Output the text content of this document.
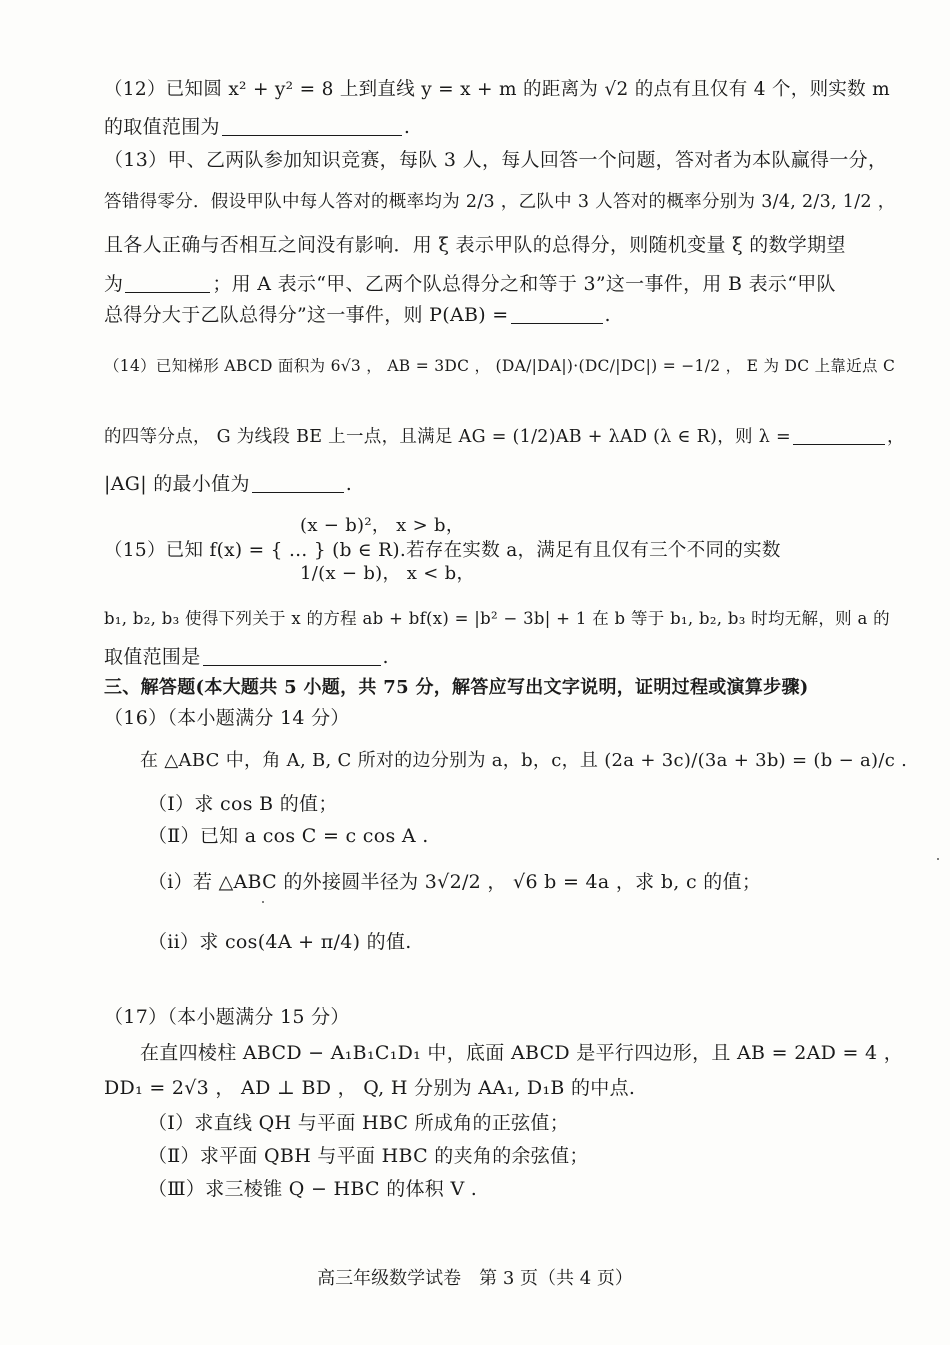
（12）已知圆 x² + y² = 8 上到直线 y = x + m 的距离为 √2 的点有且仅有 4 个，则实数 m
的取值范围为	.
（13）甲、乙两队参加知识竞赛，每队 3 人，每人回答一个问题，答对者为本队赢得一分，
答错得零分．假设甲队中每人答对的概率均为 2/3 ，乙队中 3 人答对的概率分别为 3/4, 2/3, 1/2 ，
且各人正确与否相互之间没有影响．用 ξ 表示甲队的总得分，则随机变量 ξ 的数学期望
为	；用 A 表示“甲、乙两个队总得分之和等于 3”这一事件，用 B 表示“甲队
总得分大于乙队总得分”这一事件，则 P(AB) =	.
（14）已知梯形 ABCD 面积为 6√3 ， AB = 3DC ， (DA/|DA|)·(DC/|DC|) = −1/2 ， E 为 DC 上靠近点 C
的四等分点， G 为线段 BE 上一点，且满足 AG = (1/2)AB + λAD (λ ∈ R)，则 λ =	，
|AG| 的最小值为	.
(x − b)²， x > b，
（15）已知 f(x) = { … } (b ∈ R).若存在实数 a，满足有且仅有三个不同的实数
1/(x − b)， x < b，
b₁, b₂, b₃ 使得下列关于 x 的方程 ab + bf(x) = |b² − 3b| + 1 在 b 等于 b₁, b₂, b₃ 时均无解，则 a 的
取值范围是	.
三、解答题(本大题共 5 小题，共 75 分，解答应写出文字说明，证明过程或演算步骤)
（16）（本小题满分 14 分）
在 △ABC 中，角 A, B, C 所对的边分别为 a，b，c，且 (2a + 3c)/(3a + 3b) = (b − a)/c .
（Ⅰ）求 cos B 的值；
（Ⅱ）已知 a cos C = c cos A .
（i）若 △ABC 的外接圆半径为 3√2/2 ， √6 b = 4a ，求 b, c 的值；
（ii）求 cos(4A + π/4) 的值.
（17）（本小题满分 15 分）
在直四棱柱 ABCD − A₁B₁C₁D₁ 中，底面 ABCD 是平行四边形，且 AB = 2AD = 4 ，
DD₁ = 2√3 ， AD ⊥ BD ， Q, H 分别为 AA₁, D₁B 的中点.
（Ⅰ）求直线 QH 与平面 HBC 所成角的正弦值；
（Ⅱ）求平面 QBH 与平面 HBC 的夹角的余弦值；
（Ⅲ）求三棱锥 Q − HBC 的体积 V .
高三年级数学试卷　第 3 页（共 4 页）
